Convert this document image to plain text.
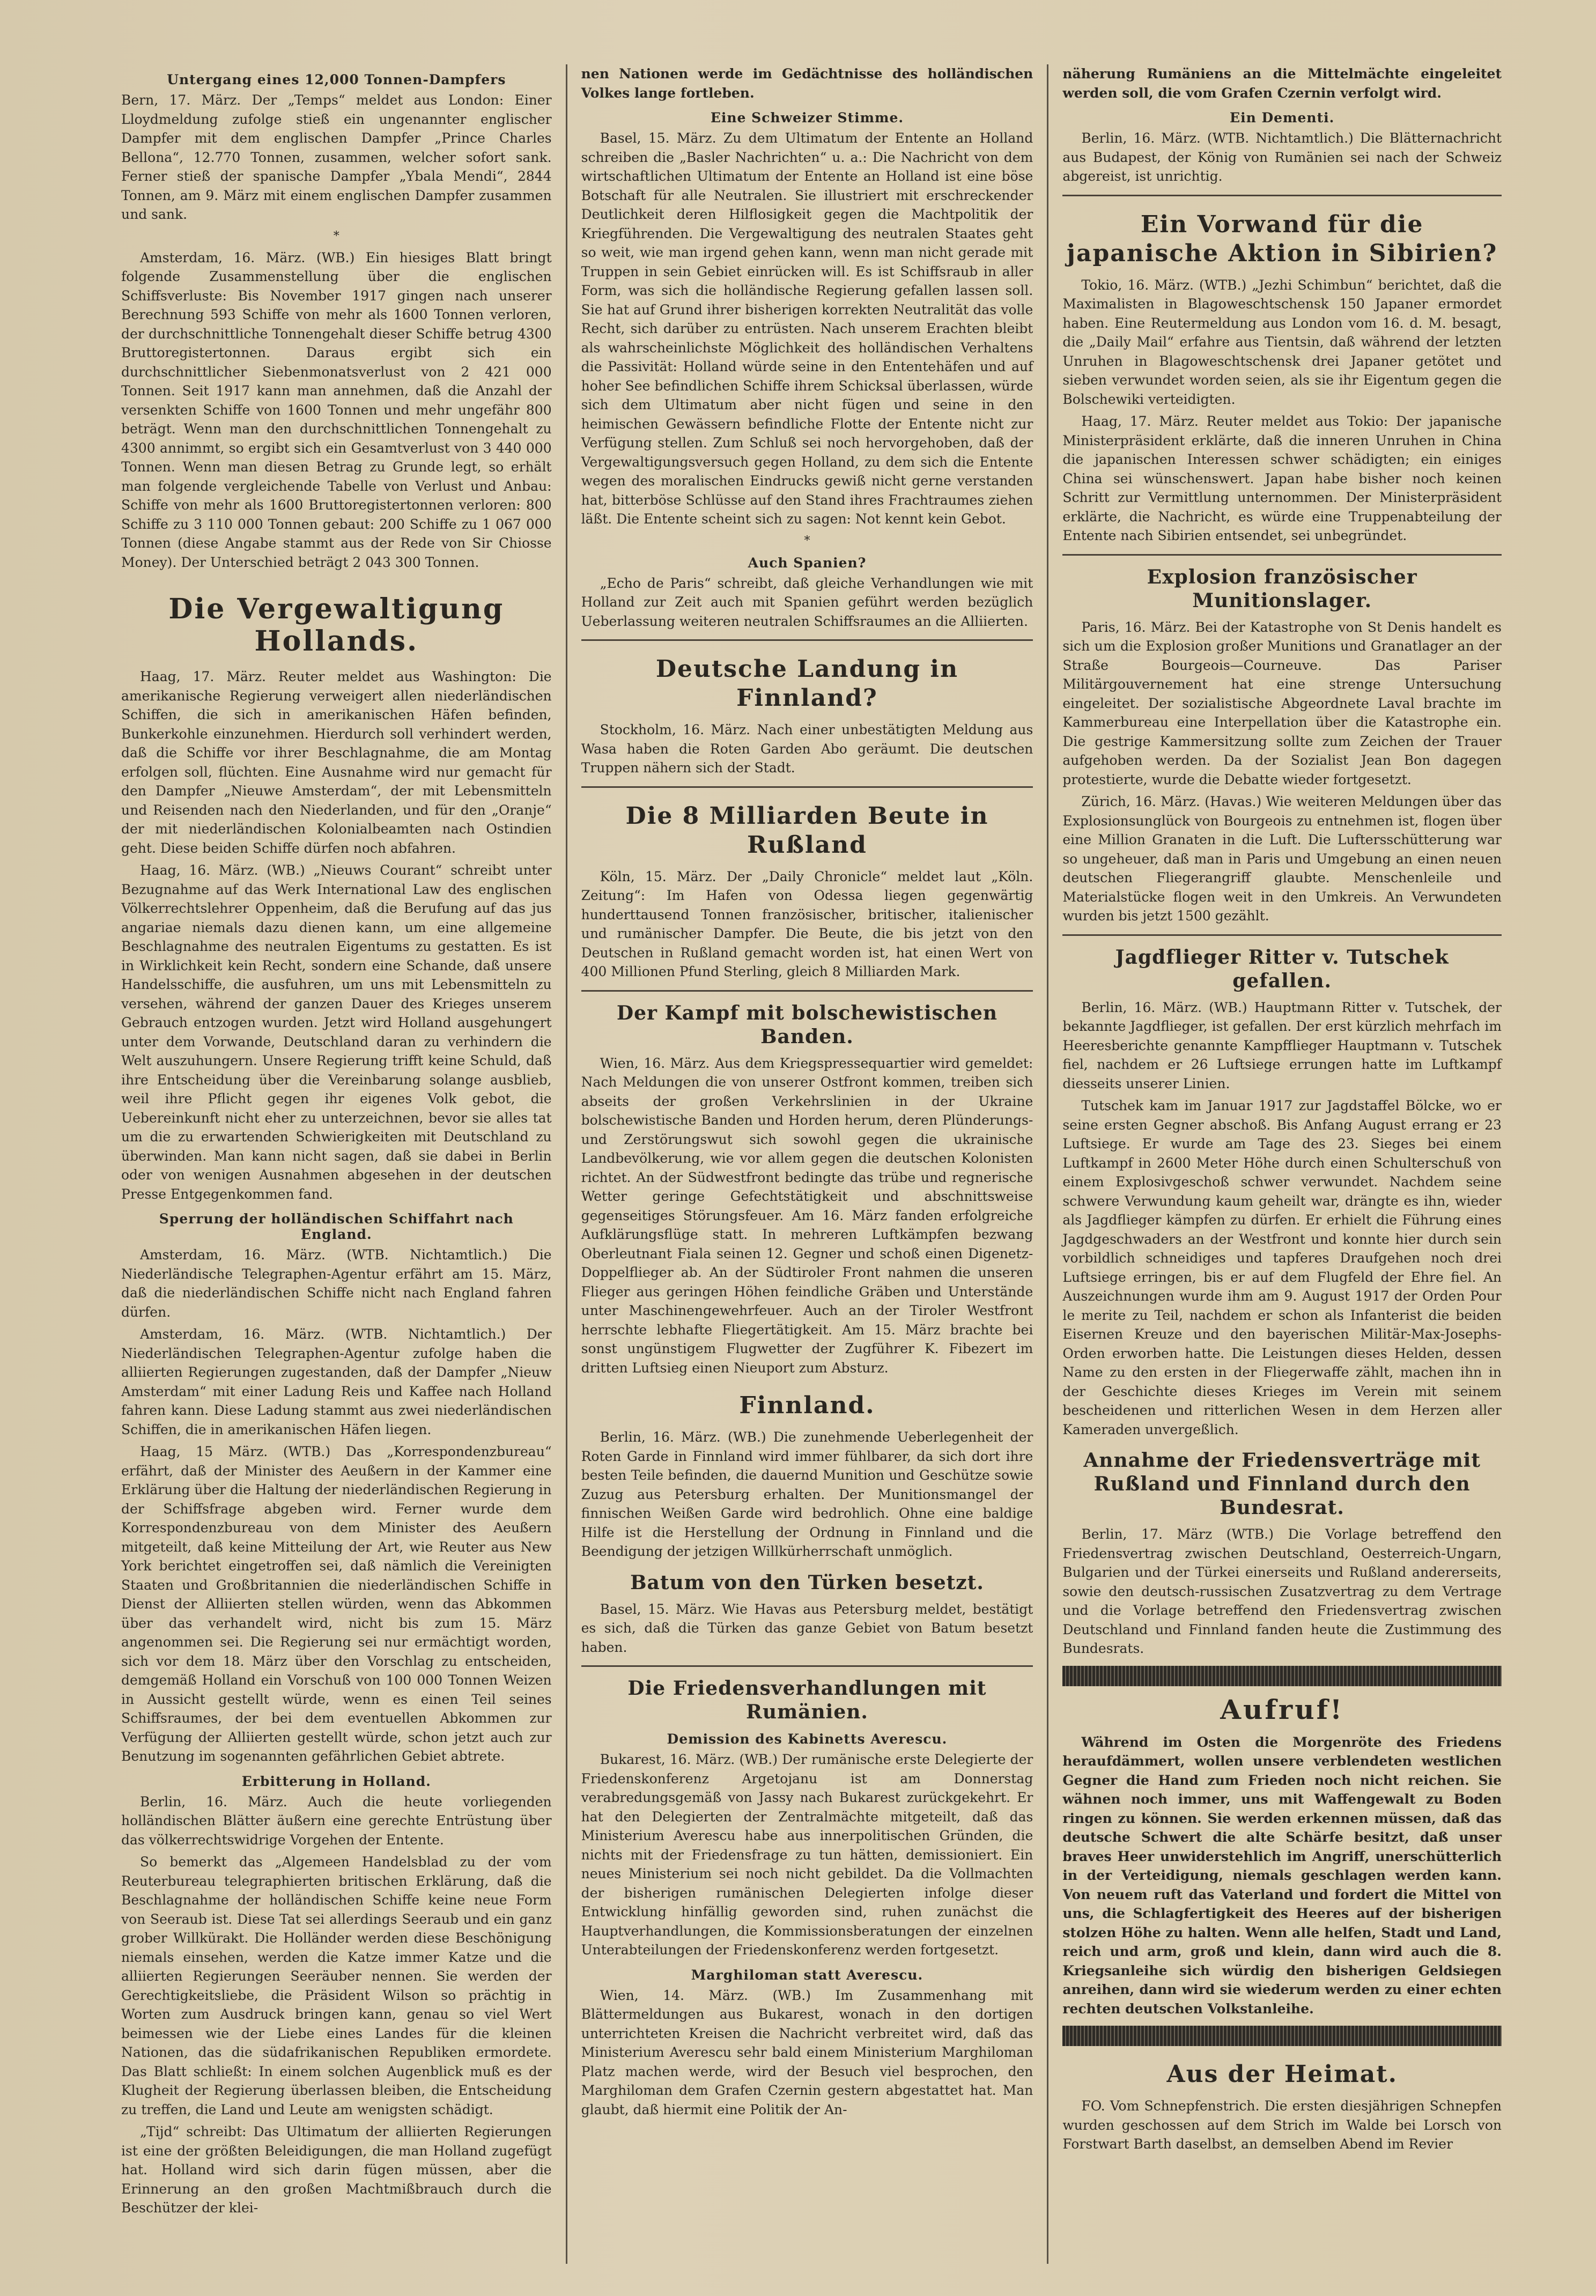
Untergang eines 12,000 Tonnen-Dampfers

Bern, 17. März. Der „Temps“ meldet aus London: Einer Lloydmeldung zufolge stieß ein ungenannter englischer Dampfer mit dem englischen Dampfer „Prince Charles Bellona“, 12.770 Tonnen, zusammen, welcher sofort sank. Ferner stieß der spanische Dampfer „Ybala Mendi“, 2844 Tonnen, am 9. März mit einem englischen Dampfer zusammen und sank.

*

Amsterdam, 16. März. (WB.) Ein hiesiges Blatt bringt folgende Zusammenstellung über die englischen Schiffsverluste: Bis November 1917 gingen nach unserer Berechnung 593 Schiffe von mehr als 1600 Tonnen verloren, der durchschnittliche Tonnengehalt dieser Schiffe betrug 4300 Bruttoregistertonnen. Daraus ergibt sich ein durchschnittlicher Siebenmonatsverlust von 2 421 000 Tonnen. Seit 1917 kann man annehmen, daß die Anzahl der versenkten Schiffe von 1600 Tonnen und mehr ungefähr 800 beträgt. Wenn man den durchschnittlichen Tonnengehalt zu 4300 annimmt, so ergibt sich ein Gesamtverlust von 3 440 000 Tonnen. Wenn man diesen Betrag zu Grunde legt, so erhält man folgende vergleichende Tabelle von Verlust und Anbau: Schiffe von mehr als 1600 Bruttoregistertonnen verloren: 800 Schiffe zu 3 110 000 Tonnen gebaut: 200 Schiffe zu 1 067 000 Tonnen (diese Angabe stammt aus der Rede von Sir Chiosse Money). Der Unterschied beträgt 2 043 300 Tonnen.

Die Vergewaltigung Hollands.

Haag, 17. März. Reuter meldet aus Washington: Die amerikanische Regierung verweigert allen niederländischen Schiffen, die sich in amerikanischen Häfen befinden, Bunkerkohle einzunehmen. Hierdurch soll verhindert werden, daß die Schiffe vor ihrer Beschlagnahme, die am Montag erfolgen soll, flüchten. Eine Ausnahme wird nur gemacht für den Dampfer „Nieuwe Amsterdam“, der mit Lebensmitteln und Reisenden nach den Niederlanden, und für den „Oranje“ der mit niederländischen Kolonialbeamten nach Ostindien geht. Diese beiden Schiffe dürfen noch abfahren.

Haag, 16. März. (WB.) „Nieuws Courant“ schreibt unter Bezugnahme auf das Werk International Law des englischen Völkerrechtslehrer Oppenheim, daß die Berufung auf das jus angariae niemals dazu dienen kann, um eine allgemeine Beschlagnahme des neutralen Eigentums zu gestatten. Es ist in Wirklichkeit kein Recht, sondern eine Schande, daß unsere Handelsschiffe, die ausfuhren, um uns mit Lebensmitteln zu versehen, während der ganzen Dauer des Krieges unserem Gebrauch entzogen wurden. Jetzt wird Holland ausgehungert unter dem Vorwande, Deutschland daran zu verhindern die Welt auszuhungern. Unsere Regierung trifft keine Schuld, daß ihre Entscheidung über die Vereinbarung solange ausblieb, weil ihre Pflicht gegen ihr eigenes Volk gebot, die Uebereinkunft nicht eher zu unterzeichnen, bevor sie alles tat um die zu erwartenden Schwierigkeiten mit Deutschland zu überwinden. Man kann nicht sagen, daß sie dabei in Berlin oder von wenigen Ausnahmen abgesehen in der deutschen Presse Entgegenkommen fand.

Sperrung der holländischen Schiffahrt nach England.

Amsterdam, 16. März. (WTB. Nichtamtlich.) Die Niederländische Telegraphen-Agentur erfährt am 15. März, daß die niederländischen Schiffe nicht nach England fahren dürfen.

Amsterdam, 16. März. (WTB. Nichtamtlich.) Der Niederländischen Telegraphen-Agentur zufolge haben die alliierten Regierungen zugestanden, daß der Dampfer „Nieuw Amsterdam“ mit einer Ladung Reis und Kaffee nach Holland fahren kann. Diese Ladung stammt aus zwei niederländischen Schiffen, die in amerikanischen Häfen liegen.

Haag, 15 März. (WTB.) Das „Korrespondenzbureau“ erfährt, daß der Minister des Aeußern in der Kammer eine Erklärung über die Haltung der niederländischen Regierung in der Schiffsfrage abgeben wird. Ferner wurde dem Korrespondenzbureau von dem Minister des Aeußern mitgeteilt, daß keine Mitteilung der Art, wie Reuter aus New York berichtet eingetroffen sei, daß nämlich die Vereinigten Staaten und Großbritannien die niederländischen Schiffe in Dienst der Alliierten stellen würden, wenn das Abkommen über das verhandelt wird, nicht bis zum 15. März angenommen sei. Die Regierung sei nur ermächtigt worden, sich vor dem 18. März über den Vorschlag zu entscheiden, demgemäß Holland ein Vorschuß von 100 000 Tonnen Weizen in Aussicht gestellt würde, wenn es einen Teil seines Schiffsraumes, der bei dem eventuellen Abkommen zur Verfügung der Alliierten gestellt würde, schon jetzt auch zur Benutzung im sogenannten gefährlichen Gebiet abtrete.

Erbitterung in Holland.

Berlin, 16. März. Auch die heute vorliegenden holländischen Blätter äußern eine gerechte Entrüstung über das völkerrechtswidrige Vorgehen der Entente.

So bemerkt das „Algemeen Handelsblad zu der vom Reuterbureau telegraphierten britischen Erklärung, daß die Beschlagnahme der holländischen Schiffe keine neue Form von Seeraub ist. Diese Tat sei allerdings Seeraub und ein ganz grober Willkürakt. Die Holländer werden diese Beschönigung niemals einsehen, werden die Katze immer Katze und die alliierten Regierungen Seeräuber nennen. Sie werden der Gerechtigkeitsliebe, die Präsident Wilson so prächtig in Worten zum Ausdruck bringen kann, genau so viel Wert beimessen wie der Liebe eines Landes für die kleinen Nationen, das die südafrikanischen Republiken ermordete. Das Blatt schließt: In einem solchen Augenblick muß es der Klugheit der Regierung überlassen bleiben, die Entscheidung zu treffen, die Land und Leute am wenigsten schädigt.

„Tijd“ schreibt: Das Ultimatum der alliierten Regierungen ist eine der größten Beleidigungen, die man Holland zugefügt hat. Holland wird sich darin fügen müssen, aber die Erinnerung an den großen Machtmißbrauch durch die Beschützer der klei-

nen Nationen werde im Gedächtnisse des holländischen Volkes lange fortleben.

Eine Schweizer Stimme.

Basel, 15. März. Zu dem Ultimatum der Entente an Holland schreiben die „Basler Nachrichten“ u. a.: Die Nachricht von dem wirtschaftlichen Ultimatum der Entente an Holland ist eine böse Botschaft für alle Neutralen. Sie illustriert mit erschreckender Deutlichkeit deren Hilflosigkeit gegen die Machtpolitik der Kriegführenden. Die Vergewaltigung des neutralen Staates geht so weit, wie man irgend gehen kann, wenn man nicht gerade mit Truppen in sein Gebiet einrücken will. Es ist Schiffsraub in aller Form, was sich die holländische Regierung gefallen lassen soll. Sie hat auf Grund ihrer bisherigen korrekten Neutralität das volle Recht, sich darüber zu entrüsten. Nach unserem Erachten bleibt als wahrscheinlichste Möglichkeit des holländischen Verhaltens die Passivität: Holland würde seine in den Ententehäfen und auf hoher See befindlichen Schiffe ihrem Schicksal überlassen, würde sich dem Ultimatum aber nicht fügen und seine in den heimischen Gewässern befindliche Flotte der Entente nicht zur Verfügung stellen. Zum Schluß sei noch hervorgehoben, daß der Vergewaltigungsversuch gegen Holland, zu dem sich die Entente wegen des moralischen Eindrucks gewiß nicht gerne verstanden hat, bitterböse Schlüsse auf den Stand ihres Frachtraumes ziehen läßt. Die Entente scheint sich zu sagen: Not kennt kein Gebot.

*
Auch Spanien?

„Echo de Paris“ schreibt, daß gleiche Verhandlungen wie mit Holland zur Zeit auch mit Spanien geführt werden bezüglich Ueberlassung weiteren neutralen Schiffsraumes an die Alliierten.

Deutsche Landung in Finnland?

Stockholm, 16. März. Nach einer unbestätigten Meldung aus Wasa haben die Roten Garden Abo geräumt. Die deutschen Truppen nähern sich der Stadt.

Die 8 Milliarden Beute in Rußland

Köln, 15. März. Der „Daily Chronicle“ meldet laut „Köln. Zeitung“: Im Hafen von Odessa liegen gegenwärtig hunderttausend Tonnen französischer, britischer, italienischer und rumänischer Dampfer. Die Beute, die bis jetzt von den Deutschen in Rußland gemacht worden ist, hat einen Wert von 400 Millionen Pfund Sterling, gleich 8 Milliarden Mark.

Der Kampf mit bolschewistischen Banden.

Wien, 16. März. Aus dem Kriegspressequartier wird gemeldet: Nach Meldungen die von unserer Ostfront kommen, treiben sich abseits der großen Verkehrslinien in der Ukraine bolschewistische Banden und Horden herum, deren Plünderungs- und Zerstörungswut sich sowohl gegen die ukrainische Landbevölkerung, wie vor allem gegen die deutschen Kolonisten richtet. An der Südwestfront bedingte das trübe und regnerische Wetter geringe Gefechtstätigkeit und abschnittsweise gegenseitiges Störungsfeuer. Am 16. März fanden erfolgreiche Aufklärungsflüge statt. In mehreren Luftkämpfen bezwang Oberleutnant Fiala seinen 12. Gegner und schoß einen Digenetz-Doppelflieger ab. An der Südtiroler Front nahmen die unseren Flieger aus geringen Höhen feindliche Gräben und Unterstände unter Maschinengewehrfeuer. Auch an der Tiroler Westfront herrschte lebhafte Fliegertätigkeit. Am 15. März brachte bei sonst ungünstigem Flugwetter der Zugführer K. Fibezert im dritten Luftsieg einen Nieuport zum Absturz.

Finnland.

Berlin, 16. März. (WB.) Die zunehmende Ueberlegenheit der Roten Garde in Finnland wird immer fühlbarer, da sich dort ihre besten Teile befinden, die dauernd Munition und Geschütze sowie Zuzug aus Petersburg erhalten. Der Munitionsmangel der finnischen Weißen Garde wird bedrohlich. Ohne eine baldige Hilfe ist die Herstellung der Ordnung in Finnland und die Beendigung der jetzigen Willkürherrschaft unmöglich.

Batum von den Türken besetzt.

Basel, 15. März. Wie Havas aus Petersburg meldet, bestätigt es sich, daß die Türken das ganze Gebiet von Batum besetzt haben.

Die Friedensverhandlungen mit Rumänien.
Demission des Kabinetts Averescu.

Bukarest, 16. März. (WB.) Der rumänische erste Delegierte der Friedenskonferenz Argetojanu ist am Donnerstag verabredungsgemäß von Jassy nach Bukarest zurückgekehrt. Er hat den Delegierten der Zentralmächte mitgeteilt, daß das Ministerium Averescu habe aus innerpolitischen Gründen, die nichts mit der Friedensfrage zu tun hätten, demissioniert. Ein neues Ministerium sei noch nicht gebildet. Da die Vollmachten der bisherigen rumänischen Delegierten infolge dieser Entwicklung hinfällig geworden sind, ruhen zunächst die Hauptverhandlungen, die Kommissionsberatungen der einzelnen Unterabteilungen der Friedenskonferenz werden fortgesetzt.

Marghiloman statt Averescu.

Wien, 14. März. (WB.) Im Zusammenhang mit Blättermeldungen aus Bukarest, wonach in den dortigen unterrichteten Kreisen die Nachricht verbreitet wird, daß das Ministerium Averescu sehr bald einem Ministerium Marghiloman Platz machen werde, wird der Besuch viel besprochen, den Marghiloman dem Grafen Czernin gestern abgestattet hat. Man glaubt, daß hiermit eine Politik der An-

näherung Rumäniens an die Mittelmächte eingeleitet werden soll, die vom Grafen Czernin verfolgt wird.

Ein Dementi.

Berlin, 16. März. (WTB. Nichtamtlich.) Die Blätternachricht aus Budapest, der König von Rumänien sei nach der Schweiz abgereist, ist unrichtig.

Ein Vorwand für die japanische Aktion in Sibirien?

Tokio, 16. März. (WTB.) „Jezhi Schimbun“ berichtet, daß die Maximalisten in Blagoweschtschensk 150 Japaner ermordet haben. Eine Reutermeldung aus London vom 16. d. M. besagt, die „Daily Mail“ erfahre aus Tientsin, daß während der letzten Unruhen in Blagoweschtschensk drei Japaner getötet und sieben verwundet worden seien, als sie ihr Eigentum gegen die Bolschewiki verteidigten.

Haag, 17. März. Reuter meldet aus Tokio: Der japanische Ministerpräsident erklärte, daß die inneren Unruhen in China die japanischen Interessen schwer schädigten; ein einiges China sei wünschenswert. Japan habe bisher noch keinen Schritt zur Vermittlung unternommen. Der Ministerpräsident erklärte, die Nachricht, es würde eine Truppenabteilung der Entente nach Sibirien entsendet, sei unbegründet.

Explosion französischer Munitionslager.

Paris, 16. März. Bei der Katastrophe von St Denis handelt es sich um die Explosion großer Munitions und Granatlager an der Straße Bourgeois—Courneuve. Das Pariser Militärgouvernement hat eine strenge Untersuchung eingeleitet. Der sozialistische Abgeordnete Laval brachte im Kammerbureau eine Interpellation über die Katastrophe ein. Die gestrige Kammersitzung sollte zum Zeichen der Trauer aufgehoben werden. Da der Sozialist Jean Bon dagegen protestierte, wurde die Debatte wieder fortgesetzt.

Zürich, 16. März. (Havas.) Wie weiteren Meldungen über das Explosionsunglück von Bourgeois zu entnehmen ist, flogen über eine Million Granaten in die Luft. Die Luftersschütterung war so ungeheuer, daß man in Paris und Umgebung an einen neuen deutschen Fliegerangriff glaubte. Menschenleile und Materialstücke flogen weit in den Umkreis. An Verwundeten wurden bis jetzt 1500 gezählt.

Jagdflieger Ritter v. Tutschek gefallen.

Berlin, 16. März. (WB.) Hauptmann Ritter v. Tutschek, der bekannte Jagdflieger, ist gefallen. Der erst kürzlich mehrfach im Heeresberichte genannte Kampfflieger Hauptmann v. Tutschek fiel, nachdem er 26 Luftsiege errungen hatte im Luftkampf diesseits unserer Linien.

Tutschek kam im Januar 1917 zur Jagdstaffel Bölcke, wo er seine ersten Gegner abschoß. Bis Anfang August errang er 23 Luftsiege. Er wurde am Tage des 23. Sieges bei einem Luftkampf in 2600 Meter Höhe durch einen Schulterschuß von einem Explosivgeschoß schwer verwundet. Nachdem seine schwere Verwundung kaum geheilt war, drängte es ihn, wieder als Jagdflieger kämpfen zu dürfen. Er erhielt die Führung eines Jagdgeschwaders an der Westfront und konnte hier durch sein vorbildlich schneidiges und tapferes Draufgehen noch drei Luftsiege erringen, bis er auf dem Flugfeld der Ehre fiel. An Auszeichnungen wurde ihm am 9. August 1917 der Orden Pour le merite zu Teil, nachdem er schon als Infanterist die beiden Eisernen Kreuze und den bayerischen Militär-Max-Josephs-Orden erworben hatte. Die Leistungen dieses Helden, dessen Name zu den ersten in der Fliegerwaffe zählt, machen ihn in der Geschichte dieses Krieges im Verein mit seinem bescheidenen und ritterlichen Wesen in dem Herzen aller Kameraden unvergeßlich.

Annahme der Friedensverträge mit Rußland und Finnland durch den Bundesrat.

Berlin, 17. März (WTB.) Die Vorlage betreffend den Friedensvertrag zwischen Deutschland, Oesterreich-Ungarn, Bulgarien und der Türkei einerseits und Rußland andererseits, sowie den deutsch-russischen Zusatzvertrag zu dem Vertrage und die Vorlage betreffend den Friedensvertrag zwischen Deutschland und Finnland fanden heute die Zustimmung des Bundesrats.

Aufruf!

Während im Osten die Morgenröte des Friedens heraufdämmert, wollen unsere verblendeten westlichen Gegner die Hand zum Frieden noch nicht reichen. Sie wähnen noch immer, uns mit Waffengewalt zu Boden ringen zu können. Sie werden erkennen müssen, daß das deutsche Schwert die alte Schärfe besitzt, daß unser braves Heer unwiderstehlich im Angriff, unerschütterlich in der Verteidigung, niemals geschlagen werden kann. Von neuem ruft das Vaterland und fordert die Mittel von uns, die Schlagfertigkeit des Heeres auf der bisherigen stolzen Höhe zu halten. Wenn alle helfen, Stadt und Land, reich und arm, groß und klein, dann wird auch die 8. Kriegsanleihe sich würdig den bisherigen Geldsiegen anreihen, dann wird sie wiederum werden zu einer echten rechten deutschen Volkstanleihe.

Aus der Heimat.

FO. Vom Schnepfenstrich. Die ersten diesjährigen Schnepfen wurden geschossen auf dem Strich im Walde bei Lorsch von Forstwart Barth daselbst, an demselben Abend im Revier
